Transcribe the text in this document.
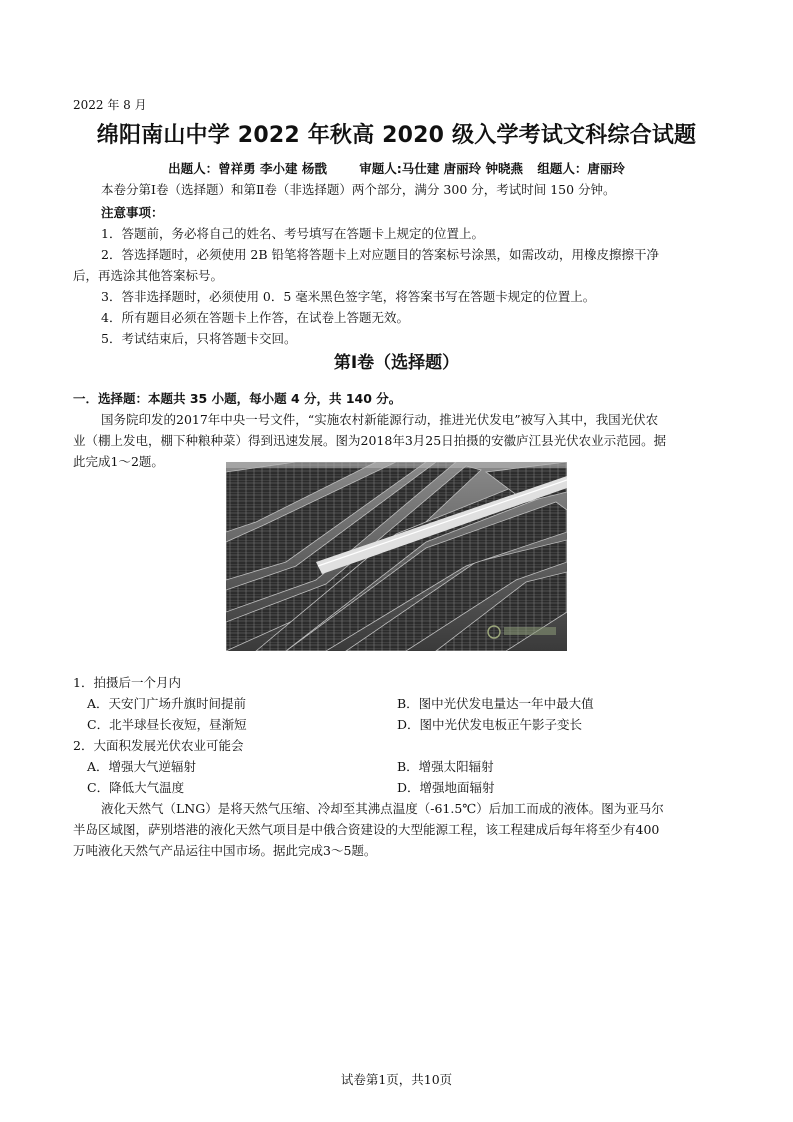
2022 年 8 月
绵阳南山中学 2022 年秋高 2020 级入学考试文科综合试题
出题人：曾祥勇 李小建 杨戬	审题人:马仕建 唐丽玲 钟晓燕 组题人：唐丽玲
本卷分第Ⅰ卷（选择题）和第Ⅱ卷（非选择题）两个部分，满分 300 分，考试时间 150 分钟。
注意事项：
1．答题前，务必将自己的姓名、考号填写在答题卡上规定的位置上。
2．答选择题时，必须使用 2B 铅笔将答题卡上对应题目的答案标号涂黑，如需改动，用橡皮擦擦干净
后，再选涂其他答案标号。
3．答非选择题时，必须使用 0．5 毫米黑色签字笔，将答案书写在答题卡规定的位置上。
4．所有题目必须在答题卡上作答，在试卷上答题无效。
5．考试结束后，只将答题卡交回。
第Ⅰ卷（选择题）
一．选择题：本题共 35 小题，每小题 4 分，共 140 分。
国务院印发的2017年中央一号文件，“实施农村新能源行动，推进光伏发电”被写入其中，我国光伏农
业（棚上发电，棚下种粮种菜）得到迅速发展。图为2018年3月25日拍摄的安徽庐江县光伏农业示范园。据
此完成1～2题。
1．拍摄后一个月内
A．天安门广场升旗时间提前	B．图中光伏发电量达一年中最大值
C．北半球昼长夜短，昼渐短	D．图中光伏发电板正午影子变长
2．大面积发展光伏农业可能会
A．增强大气逆辐射	B．增强太阳辐射
C．降低大气温度	D．增强地面辐射
液化天然气（LNG）是将天然气压缩、冷却至其沸点温度（-61.5℃）后加工而成的液体。图为亚马尔
半岛区域图，萨别塔港的液化天然气项目是中俄合资建设的大型能源工程，该工程建成后每年将至少有400
万吨液化天然气产品运往中国市场。据此完成3～5题。
试卷第1页，共10页
